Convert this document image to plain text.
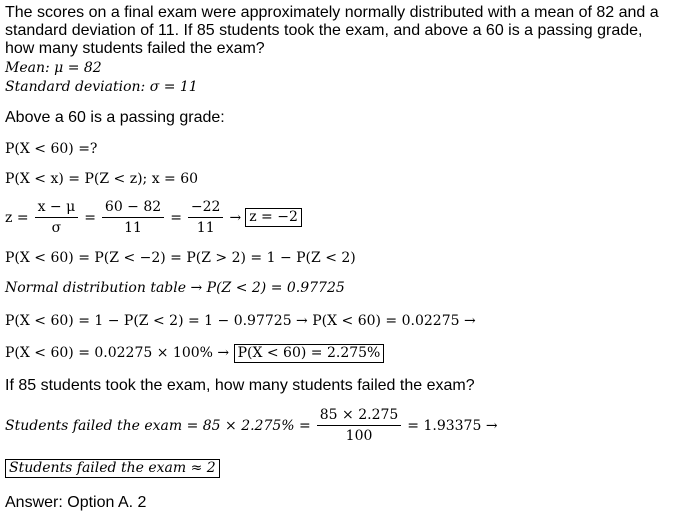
The scores on a final exam were approximately normally distributed with a mean of 82 and a standard deviation of 11. If 85 students took the exam, and above a 60 is a passing grade, how many students failed the exam?
Mean: μ = 82
Standard deviation: σ = 11
Above a 60 is a passing grade:
P(X < 60) =?
P(X < x) = P(Z < z); x = 60
$z = \frac{x - \mu}{\sigma} = \frac{60 - 82}{11} = \frac{-22}{11} \to z = -2$
P(X < 60) = P(Z < −2) = P(Z > 2) = 1 − P(Z < 2)
Normal distribution table → P(Z < 2) = 0.97725
P(X < 60) = 1 − P(Z < 2) = 1 − 0.97725 → P(X < 60) = 0.02275 →
P(X < 60) = 0.02275 × 100% → P(X < 60) = 2.275%
If 85 students took the exam, how many students failed the exam?
Students failed the exam = $85 \times 2.275\% = \frac{85 \times 2.275}{100} = 1.93375$ →
Students failed the exam ≈ 2
Answer: Option A. 2
